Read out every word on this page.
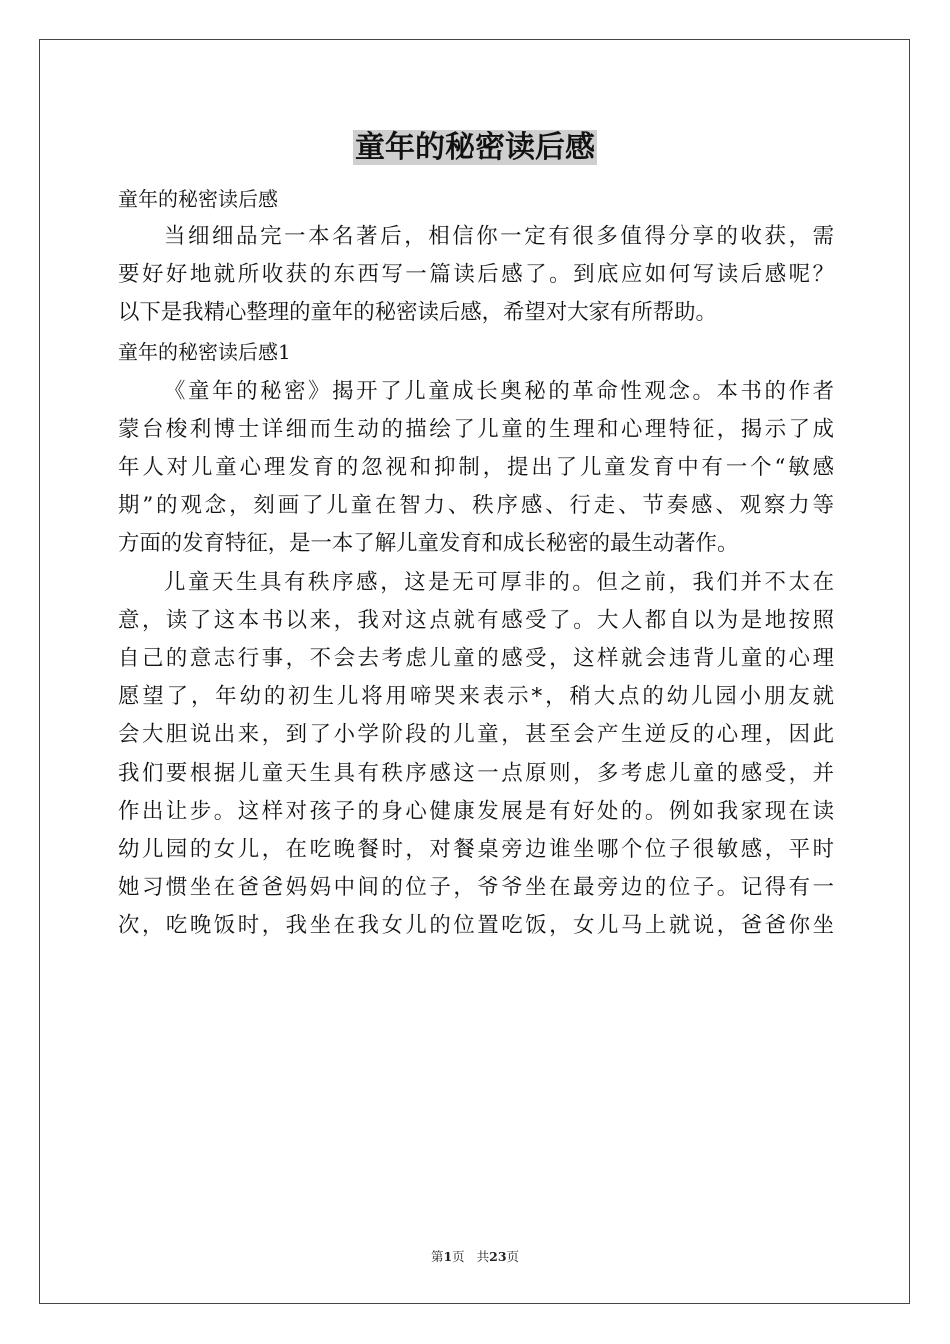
童年的秘密读后感

童年的秘密读后感

当细细品完一本名著后，相信你一定有很多值得分享的收获，需
要好好地就所收获的东西写一篇读后感了。到底应如何写读后感呢？
以下是我精心整理的童年的秘密读后感，希望对大家有所帮助。

童年的秘密读后感1

《童年的秘密》揭开了儿童成长奥秘的革命性观念。本书的作者
蒙台梭利博士详细而生动的描绘了儿童的生理和心理特征，揭示了成
年人对儿童心理发育的忽视和抑制，提出了儿童发育中有一个“敏感
期”的观念，刻画了儿童在智力、秩序感、行走、节奏感、观察力等
方面的发育特征，是一本了解儿童发育和成长秘密的最生动著作。
儿童天生具有秩序感，这是无可厚非的。但之前，我们并不太在
意，读了这本书以来，我对这点就有感受了。大人都自以为是地按照
自己的意志行事，不会去考虑儿童的感受，这样就会违背儿童的心理
愿望了，年幼的初生儿将用啼哭来表示*，稍大点的幼儿园小朋友就
会大胆说出来，到了小学阶段的儿童，甚至会产生逆反的心理，因此
我们要根据儿童天生具有秩序感这一点原则，多考虑儿童的感受，并
作出让步。这样对孩子的身心健康发展是有好处的。例如我家现在读
幼儿园的女儿，在吃晚餐时，对餐桌旁边谁坐哪个位子很敏感，平时
她习惯坐在爸爸妈妈中间的位子，爷爷坐在最旁边的位子。记得有一
次，吃晚饭时，我坐在我女儿的位置吃饭，女儿马上就说，爸爸你坐
第1页 共23页
